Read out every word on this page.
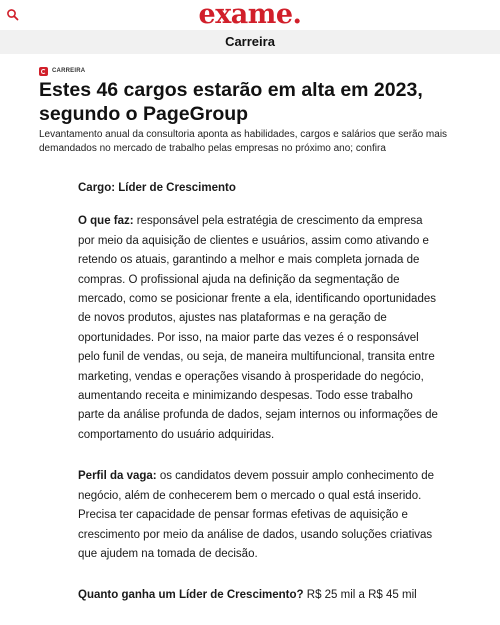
exame.
Carreira
CARREIRA
Estes 46 cargos estarão em alta em 2023, segundo o PageGroup

Levantamento anual da consultoria aponta as habilidades, cargos e salários que serão mais demandados no mercado de trabalho pelas empresas no próximo ano; confira

Cargo: Líder de Crescimento

O que faz: responsável pela estratégia de crescimento da empresa por meio da aquisição de clientes e usuários, assim como ativando e retendo os atuais, garantindo a melhor e mais completa jornada de compras. O profissional ajuda na definição da segmentação de mercado, como se posicionar frente a ela, identificando oportunidades de novos produtos, ajustes nas plataformas e na geração de oportunidades. Por isso, na maior parte das vezes é o responsável pelo funil de vendas, ou seja, de maneira multifuncional, transita entre marketing, vendas e operações visando à prosperidade do negócio, aumentando receita e minimizando despesas. Todo esse trabalho parte da análise profunda de dados, sejam internos ou informações de comportamento do usuário adquiridas.

Perfil da vaga: os candidatos devem possuir amplo conhecimento de negócio, além de conhecerem bem o mercado o qual está inserido. Precisa ter capacidade de pensar formas efetivas de aquisição e crescimento por meio da análise de dados, usando soluções criativas que ajudem na tomada de decisão.

Quanto ganha um Líder de Crescimento? R$ 25 mil a R$ 45 mil
